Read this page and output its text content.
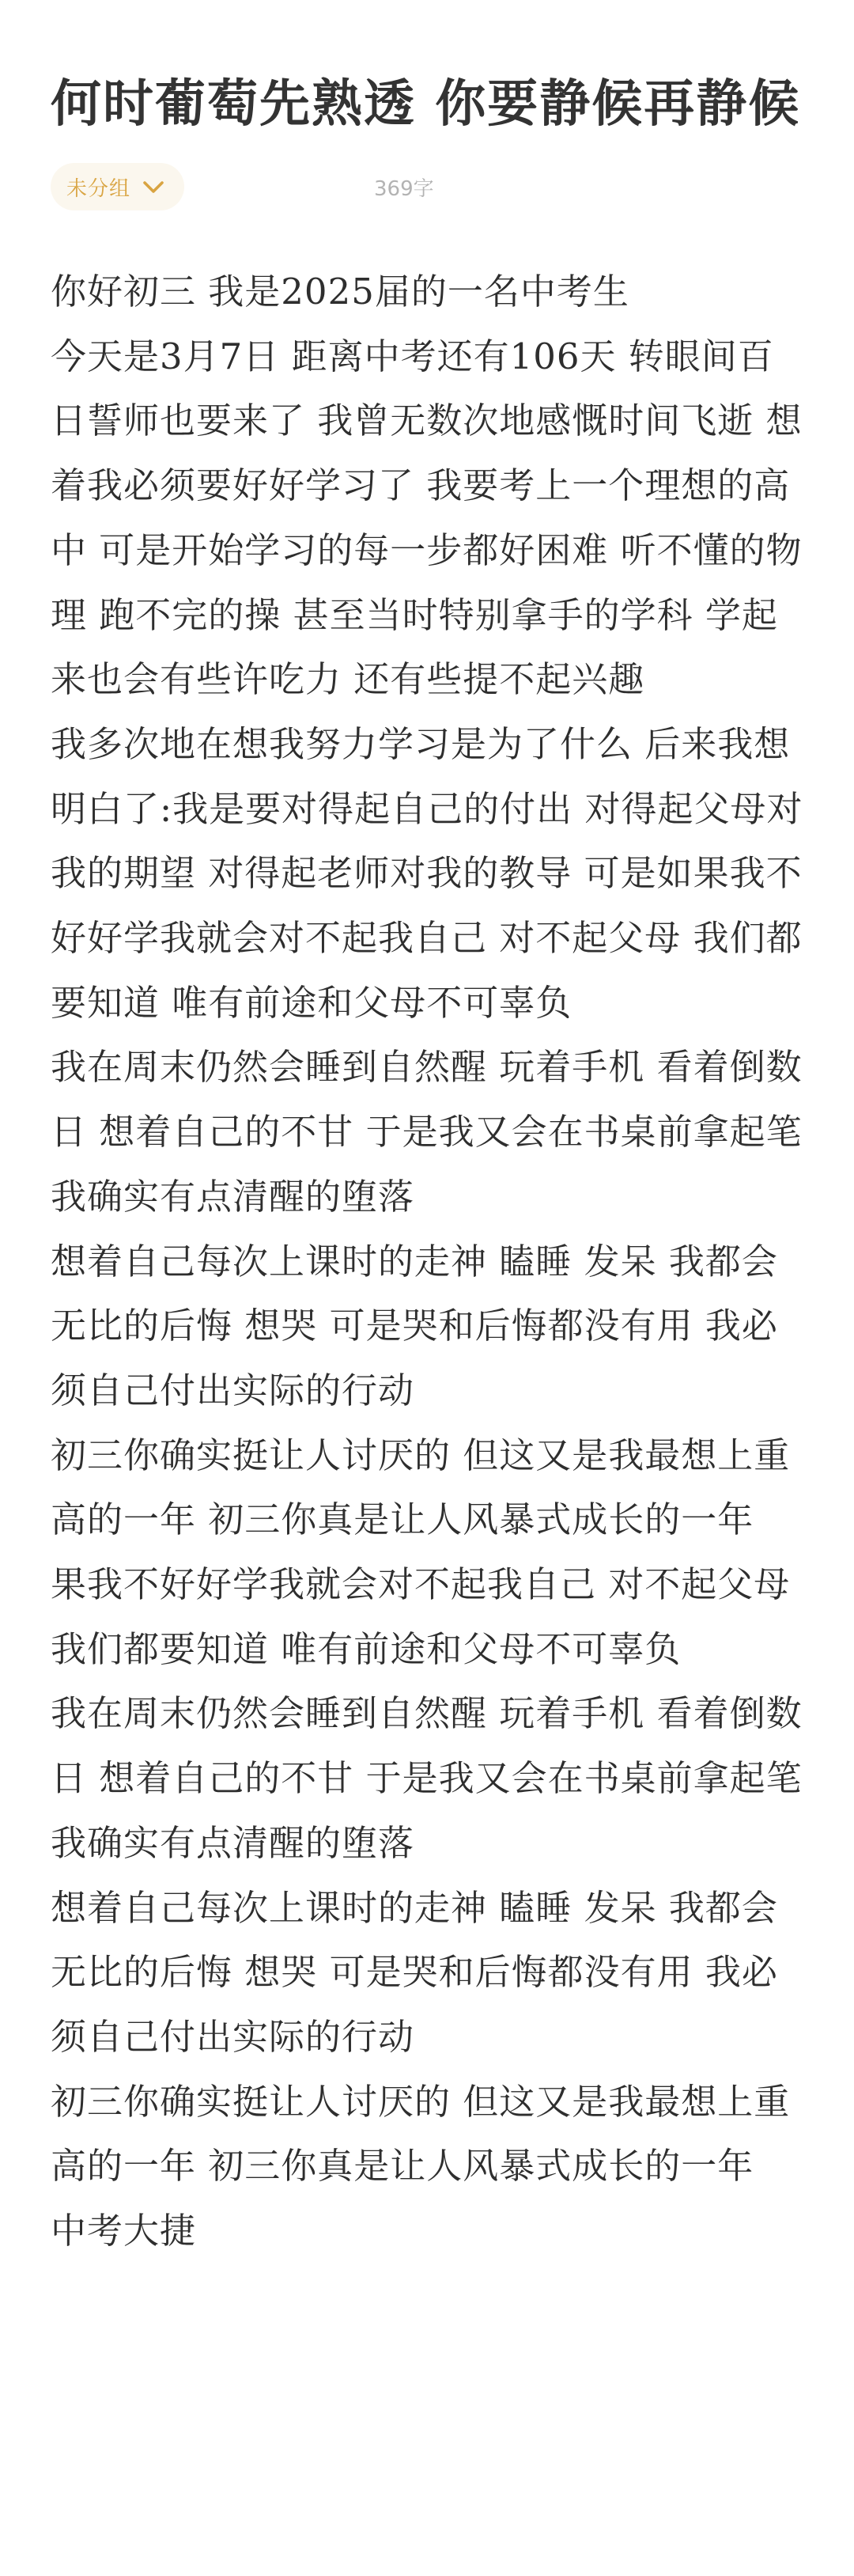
何时葡萄先熟透 你要静候再静候
未分组	369字

你好初三 我是2025届的一名中考生

今天是3月7日 距离中考还有106天 转眼间百日誓师也要来了 我曾无数次地感慨时间飞逝 想着我必须要好好学习了 我要考上一个理想的高中 可是开始学习的每一步都好困难 听不懂的物理 跑不完的操 甚至当时特别拿手的学科 学起来也会有些许吃力 还有些提不起兴趣

我多次地在想我努力学习是为了什么 后来我想明白了:我是要对得起自己的付出 对得起父母对我的期望 对得起老师对我的教导 可是如果我不好好学我就会对不起我自己 对不起父母 我们都要知道 唯有前途和父母不可辜负

我在周末仍然会睡到自然醒 玩着手机 看着倒数日 想着自己的不甘 于是我又会在书桌前拿起笔 我确实有点清醒的堕落

想着自己每次上课时的走神 瞌睡 发呆 我都会无比的后悔 想哭 可是哭和后悔都没有用 我必须自己付出实际的行动

初三你确实挺让人讨厌的 但这又是我最想上重高的一年 初三你真是让人风暴式成长的一年

果我不好好学我就会对不起我自己 对不起父母 我们都要知道 唯有前途和父母不可辜负

我在周末仍然会睡到自然醒 玩着手机 看着倒数日 想着自己的不甘 于是我又会在书桌前拿起笔 我确实有点清醒的堕落

想着自己每次上课时的走神 瞌睡 发呆 我都会无比的后悔 想哭 可是哭和后悔都没有用 我必须自己付出实际的行动

初三你确实挺让人讨厌的 但这又是我最想上重高的一年 初三你真是让人风暴式成长的一年

中考大捷
